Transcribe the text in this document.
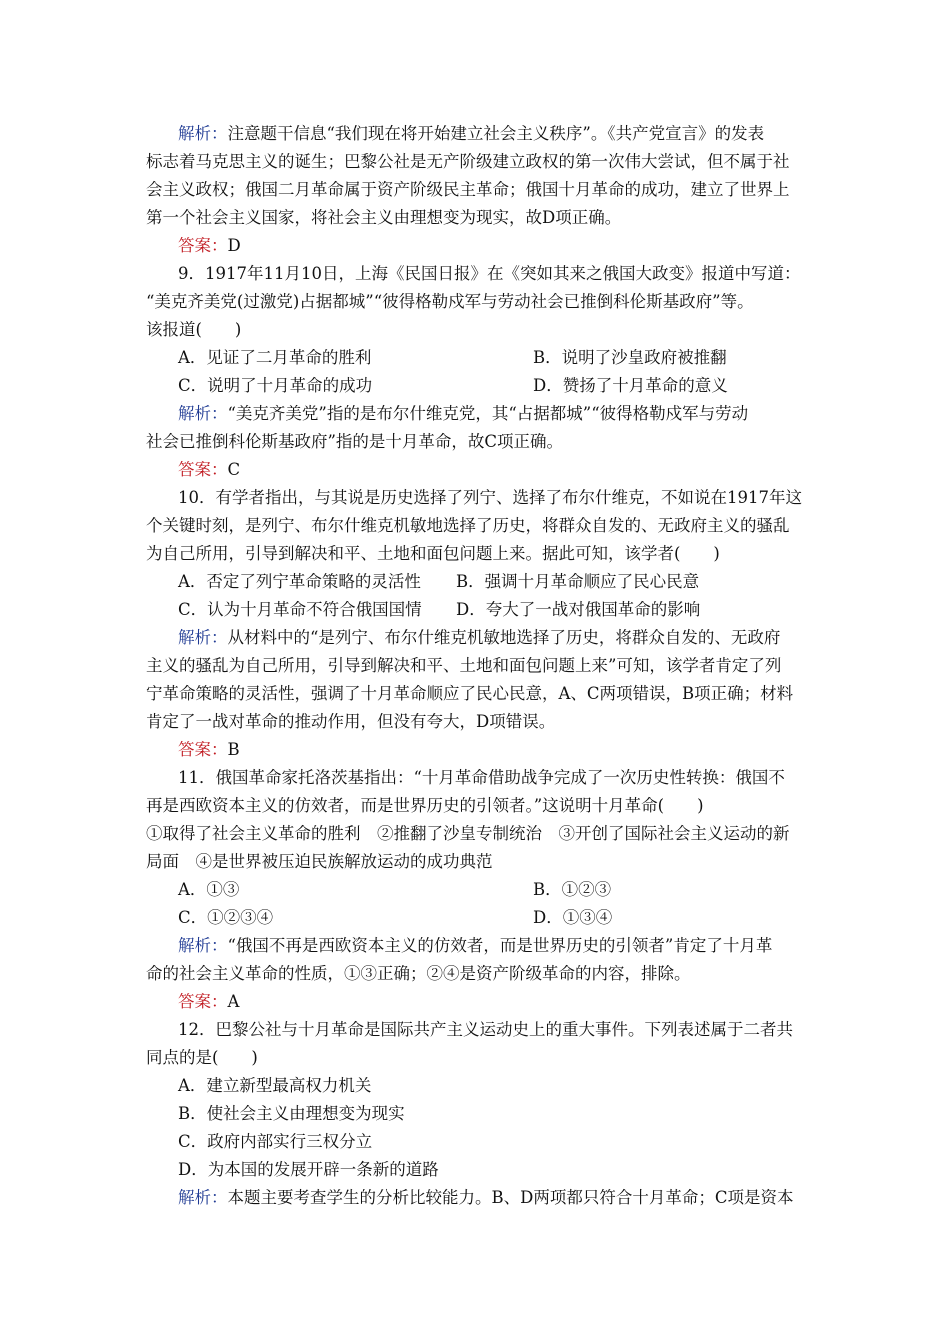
解析：注意题干信息“我们现在将开始建立社会主义秩序”。《共产党宣言》的发表
标志着马克思主义的诞生；巴黎公社是无产阶级建立政权的第一次伟大尝试，但不属于社
会主义政权；俄国二月革命属于资产阶级民主革命；俄国十月革命的成功，建立了世界上
第一个社会主义国家，将社会主义由理想变为现实，故D项正确。
答案：D
9．1917年11月10日，上海《民国日报》在《突如其来之俄国大政变》报道中写道：
“美克齐美党(过激党)占据都城”“彼得格勒戍军与劳动社会已推倒科伦斯基政府”等。
该报道(　　)
A．见证了二月革命的胜利	B．说明了沙皇政府被推翻
C．说明了十月革命的成功	D．赞扬了十月革命的意义
解析：“美克齐美党”指的是布尔什维克党，其“占据都城”“彼得格勒戍军与劳动
社会已推倒科伦斯基政府”指的是十月革命，故C项正确。
答案：C
10．有学者指出，与其说是历史选择了列宁、选择了布尔什维克，不如说在1917年这
个关键时刻，是列宁、布尔什维克机敏地选择了历史，将群众自发的、无政府主义的骚乱
为自己所用，引导到解决和平、土地和面包问题上来。据此可知，该学者(　　)
A．否定了列宁革命策略的灵活性	B．强调十月革命顺应了民心民意
C．认为十月革命不符合俄国国情	D．夸大了一战对俄国革命的影响
解析：从材料中的“是列宁、布尔什维克机敏地选择了历史，将群众自发的、无政府
主义的骚乱为自己所用，引导到解决和平、土地和面包问题上来”可知，该学者肯定了列
宁革命策略的灵活性，强调了十月革命顺应了民心民意，A、C两项错误，B项正确；材料
肯定了一战对革命的推动作用，但没有夸大，D项错误。
答案：B
11．俄国革命家托洛茨基指出：“十月革命借助战争完成了一次历史性转换：俄国不
再是西欧资本主义的仿效者，而是世界历史的引领者。”这说明十月革命(　　)
①取得了社会主义革命的胜利　②推翻了沙皇专制统治　③开创了国际社会主义运动的新
局面　④是世界被压迫民族解放运动的成功典范
A．①③	B．①②③
C．①②③④	D．①③④
解析：“俄国不再是西欧资本主义的仿效者，而是世界历史的引领者”肯定了十月革
命的社会主义革命的性质，①③正确；②④是资产阶级革命的内容，排除。
答案：A
12．巴黎公社与十月革命是国际共产主义运动史上的重大事件。下列表述属于二者共
同点的是(　　)
A．建立新型最高权力机关
B．使社会主义由理想变为现实
C．政府内部实行三权分立
D．为本国的发展开辟一条新的道路
解析：本题主要考查学生的分析比较能力。B、D两项都只符合十月革命；C项是资本
